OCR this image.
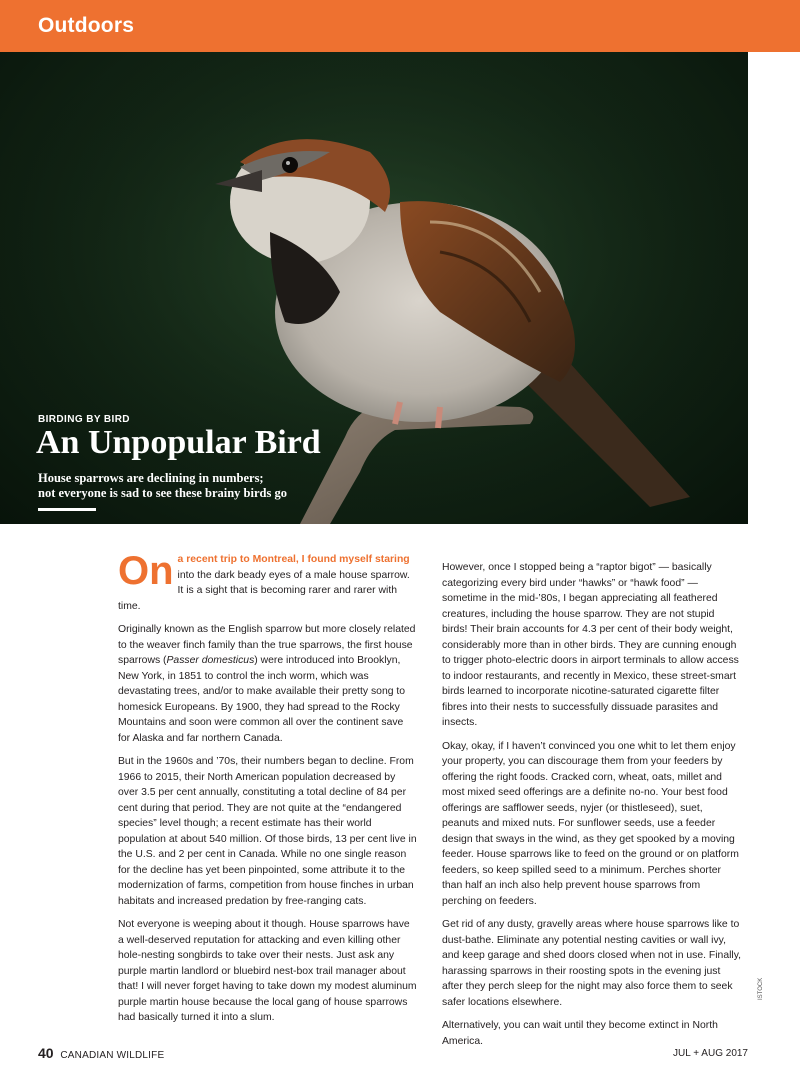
Outdoors
BIRDING BY BIRD
An Unpopular Bird
House sparrows are declining in numbers;
not everyone is sad to see these brainy birds go
By David Bird

On a recent trip to Montreal, I found myself staring into the dark beady eyes of a male house sparrow. It is a sight that is becoming rarer and rarer with time.

Originally known as the English sparrow but more closely related to the weaver finch family than the true sparrows, the first house sparrows (Passer domesticus) were introduced into Brooklyn, New York, in 1851 to control the inch worm, which was devastating trees, and/or to make available their pretty song to homesick Europeans. By 1900, they had spread to the Rocky Mountains and soon were common all over the continent save for Alaska and far northern Canada.

But in the 1960s and ’70s, their numbers began to decline. From 1966 to 2015, their North American population decreased by over 3.5 per cent annually, constituting a total decline of 84 per cent during that period. They are not quite at the “endangered species” level though; a recent estimate has their world population at about 540 million. Of those birds, 13 per cent live in the U.S. and 2 per cent in Canada. While no one single reason for the decline has yet been pinpointed, some attribute it to the modernization of farms, competition from house finches in urban habitats and increased predation by free-ranging cats.

Not everyone is weeping about it though. House sparrows have a well-deserved reputation for attacking and even killing other hole-nesting songbirds to take over their nests. Just ask any purple martin landlord or bluebird nest-box trail manager about that! I will never forget having to take down my modest aluminum purple martin house because the local gang of house sparrows had basically turned it into a slum.

However, once I stopped being a “raptor bigot” — basically categorizing every bird under “hawks” or “hawk food” — sometime in the mid-’80s, I began appreciating all feathered creatures, including the house sparrow. They are not stupid birds! Their brain accounts for 4.3 per cent of their body weight, considerably more than in other birds. They are cunning enough to trigger photo-electric doors in airport terminals to allow access to indoor restaurants, and recently in Mexico, these street-smart birds learned to incorporate nicotine-saturated cigarette filter fibres into their nests to successfully dissuade parasites and insects.

Okay, okay, if I haven’t convinced you one whit to let them enjoy your property, you can discourage them from your feeders by offering the right foods. Cracked corn, wheat, oats, millet and most mixed seed offerings are a definite no-no. Your best food offerings are safflower seeds, nyjer (or thistleseed), suet, peanuts and mixed nuts. For sunflower seeds, use a feeder design that sways in the wind, as they get spooked by a moving feeder. House sparrows like to feed on the ground or on platform feeders, so keep spilled seed to a minimum. Perches shorter than half an inch also help prevent house sparrows from perching on feeders.

Get rid of any dusty, gravelly areas where house sparrows like to dust-bathe. Eliminate any potential nesting cavities or wall ivy, and keep garage and shed doors closed when not in use. Finally, harassing sparrows in their roosting spots in the evening just after they perch sleep for the night may also force them to seek safer locations elsewhere.

Alternatively, you can wait until they become extinct in North America.

ISTOCK
40 CANADIAN WILDLIFE	JUL + AUG 2017
